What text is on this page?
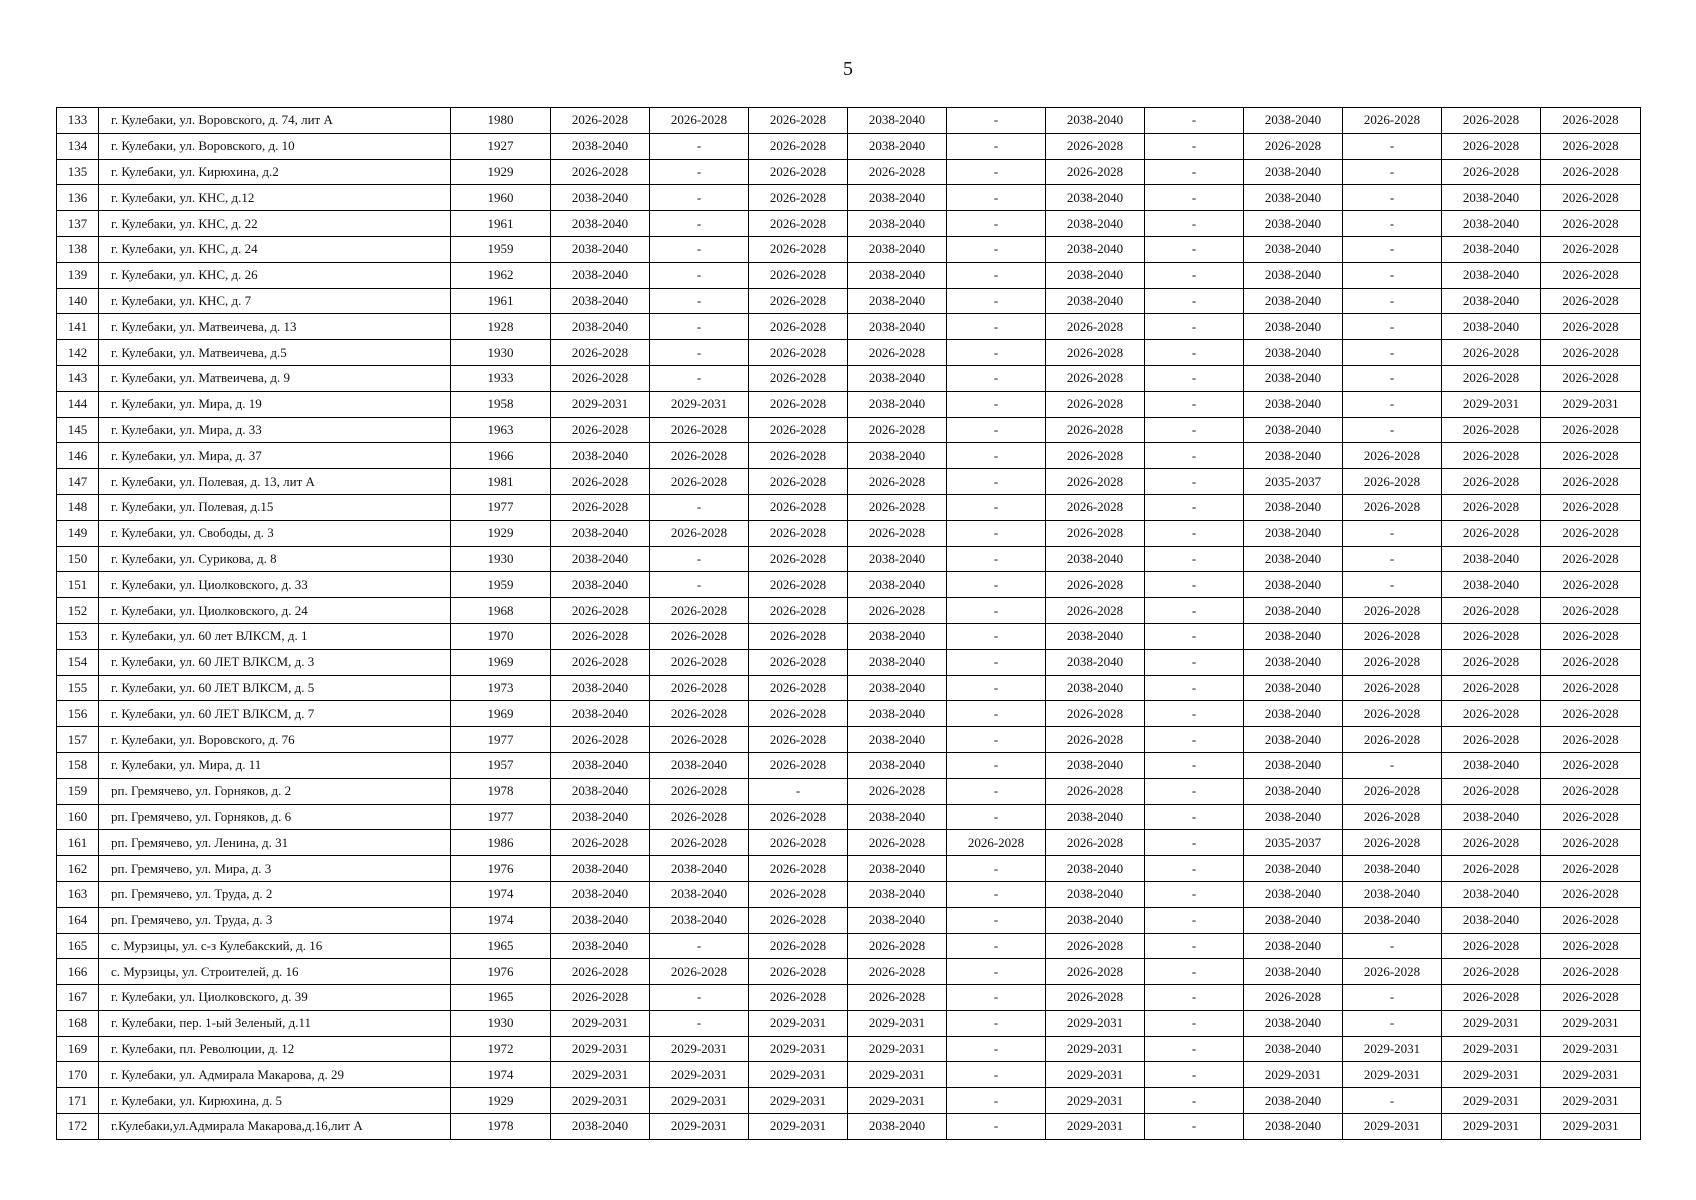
5
133	г. Кулебаки, ул. Воровского, д. 74, лит А	1980	2026-2028	2026-2028	2026-2028	2038-2040	-	2038-2040	-	2038-2040	2026-2028	2026-2028	2026-2028
134	г. Кулебаки, ул. Воровского, д. 10	1927	2038-2040	-	2026-2028	2038-2040	-	2026-2028	-	2026-2028	-	2026-2028	2026-2028
135	г. Кулебаки, ул. Кирюхина, д.2	1929	2026-2028	-	2026-2028	2026-2028	-	2026-2028	-	2038-2040	-	2026-2028	2026-2028
136	г. Кулебаки, ул. КНС, д.12	1960	2038-2040	-	2026-2028	2038-2040	-	2038-2040	-	2038-2040	-	2038-2040	2026-2028
137	г. Кулебаки, ул. КНС, д. 22	1961	2038-2040	-	2026-2028	2038-2040	-	2038-2040	-	2038-2040	-	2038-2040	2026-2028
138	г. Кулебаки, ул. КНС, д. 24	1959	2038-2040	-	2026-2028	2038-2040	-	2038-2040	-	2038-2040	-	2038-2040	2026-2028
139	г. Кулебаки, ул. КНС, д. 26	1962	2038-2040	-	2026-2028	2038-2040	-	2038-2040	-	2038-2040	-	2038-2040	2026-2028
140	г. Кулебаки, ул. КНС, д. 7	1961	2038-2040	-	2026-2028	2038-2040	-	2038-2040	-	2038-2040	-	2038-2040	2026-2028
141	г. Кулебаки, ул. Матвеичева, д. 13	1928	2038-2040	-	2026-2028	2038-2040	-	2026-2028	-	2038-2040	-	2038-2040	2026-2028
142	г. Кулебаки, ул. Матвеичева, д.5	1930	2026-2028	-	2026-2028	2026-2028	-	2026-2028	-	2038-2040	-	2026-2028	2026-2028
143	г. Кулебаки, ул. Матвеичева, д. 9	1933	2026-2028	-	2026-2028	2038-2040	-	2026-2028	-	2038-2040	-	2026-2028	2026-2028
144	г. Кулебаки, ул. Мира, д. 19	1958	2029-2031	2029-2031	2026-2028	2038-2040	-	2026-2028	-	2038-2040	-	2029-2031	2029-2031
145	г. Кулебаки, ул. Мира, д. 33	1963	2026-2028	2026-2028	2026-2028	2026-2028	-	2026-2028	-	2038-2040	-	2026-2028	2026-2028
146	г. Кулебаки, ул. Мира, д. 37	1966	2038-2040	2026-2028	2026-2028	2038-2040	-	2026-2028	-	2038-2040	2026-2028	2026-2028	2026-2028
147	г. Кулебаки, ул. Полевая, д. 13, лит А	1981	2026-2028	2026-2028	2026-2028	2026-2028	-	2026-2028	-	2035-2037	2026-2028	2026-2028	2026-2028
148	г. Кулебаки, ул. Полевая, д.15	1977	2026-2028	-	2026-2028	2026-2028	-	2026-2028	-	2038-2040	2026-2028	2026-2028	2026-2028
149	г. Кулебаки, ул. Свободы, д. 3	1929	2038-2040	2026-2028	2026-2028	2026-2028	-	2026-2028	-	2038-2040	-	2026-2028	2026-2028
150	г. Кулебаки, ул. Сурикова, д. 8	1930	2038-2040	-	2026-2028	2038-2040	-	2038-2040	-	2038-2040	-	2038-2040	2026-2028
151	г. Кулебаки, ул. Циолковского, д. 33	1959	2038-2040	-	2026-2028	2038-2040	-	2026-2028	-	2038-2040	-	2038-2040	2026-2028
152	г. Кулебаки, ул. Циолковского, д. 24	1968	2026-2028	2026-2028	2026-2028	2026-2028	-	2026-2028	-	2038-2040	2026-2028	2026-2028	2026-2028
153	г. Кулебаки, ул. 60 лет ВЛКСМ, д. 1	1970	2026-2028	2026-2028	2026-2028	2038-2040	-	2038-2040	-	2038-2040	2026-2028	2026-2028	2026-2028
154	г. Кулебаки, ул. 60 ЛЕТ ВЛКСМ, д. 3	1969	2026-2028	2026-2028	2026-2028	2038-2040	-	2038-2040	-	2038-2040	2026-2028	2026-2028	2026-2028
155	г. Кулебаки, ул. 60 ЛЕТ ВЛКСМ, д. 5	1973	2038-2040	2026-2028	2026-2028	2038-2040	-	2038-2040	-	2038-2040	2026-2028	2026-2028	2026-2028
156	г. Кулебаки, ул. 60 ЛЕТ ВЛКСМ, д. 7	1969	2038-2040	2026-2028	2026-2028	2038-2040	-	2026-2028	-	2038-2040	2026-2028	2026-2028	2026-2028
157	г. Кулебаки, ул. Воровского, д. 76	1977	2026-2028	2026-2028	2026-2028	2038-2040	-	2026-2028	-	2038-2040	2026-2028	2026-2028	2026-2028
158	г. Кулебаки, ул. Мира, д. 11	1957	2038-2040	2038-2040	2026-2028	2038-2040	-	2038-2040	-	2038-2040	-	2038-2040	2026-2028
159	рп. Гремячево, ул. Горняков, д. 2	1978	2038-2040	2026-2028	-	2026-2028	-	2026-2028	-	2038-2040	2026-2028	2026-2028	2026-2028
160	рп. Гремячево, ул. Горняков, д. 6	1977	2038-2040	2026-2028	2026-2028	2038-2040	-	2038-2040	-	2038-2040	2026-2028	2038-2040	2026-2028
161	рп. Гремячево, ул. Ленина, д. 31	1986	2026-2028	2026-2028	2026-2028	2026-2028	2026-2028	2026-2028	-	2035-2037	2026-2028	2026-2028	2026-2028
162	рп. Гремячево, ул. Мира, д. 3	1976	2038-2040	2038-2040	2026-2028	2038-2040	-	2038-2040	-	2038-2040	2038-2040	2026-2028	2026-2028
163	рп. Гремячево, ул. Труда, д. 2	1974	2038-2040	2038-2040	2026-2028	2038-2040	-	2038-2040	-	2038-2040	2038-2040	2038-2040	2026-2028
164	рп. Гремячево, ул. Труда, д. 3	1974	2038-2040	2038-2040	2026-2028	2038-2040	-	2038-2040	-	2038-2040	2038-2040	2038-2040	2026-2028
165	с. Мурзицы, ул. с-з Кулебакский, д. 16	1965	2038-2040	-	2026-2028	2026-2028	-	2026-2028	-	2038-2040	-	2026-2028	2026-2028
166	с. Мурзицы, ул. Строителей, д. 16	1976	2026-2028	2026-2028	2026-2028	2026-2028	-	2026-2028	-	2038-2040	2026-2028	2026-2028	2026-2028
167	г. Кулебаки, ул. Циолковского, д. 39	1965	2026-2028	-	2026-2028	2026-2028	-	2026-2028	-	2026-2028	-	2026-2028	2026-2028
168	г. Кулебаки, пер. 1-ый Зеленый, д.11	1930	2029-2031	-	2029-2031	2029-2031	-	2029-2031	-	2038-2040	-	2029-2031	2029-2031
169	г. Кулебаки, пл. Революции, д. 12	1972	2029-2031	2029-2031	2029-2031	2029-2031	-	2029-2031	-	2038-2040	2029-2031	2029-2031	2029-2031
170	г. Кулебаки, ул. Адмирала Макарова, д. 29	1974	2029-2031	2029-2031	2029-2031	2029-2031	-	2029-2031	-	2029-2031	2029-2031	2029-2031	2029-2031
171	г. Кулебаки, ул. Кирюхина, д. 5	1929	2029-2031	2029-2031	2029-2031	2029-2031	-	2029-2031	-	2038-2040	-	2029-2031	2029-2031
172	г.Кулебаки,ул.Адмирала Макарова,д.16,лит А	1978	2038-2040	2029-2031	2029-2031	2038-2040	-	2029-2031	-	2038-2040	2029-2031	2029-2031	2029-2031
